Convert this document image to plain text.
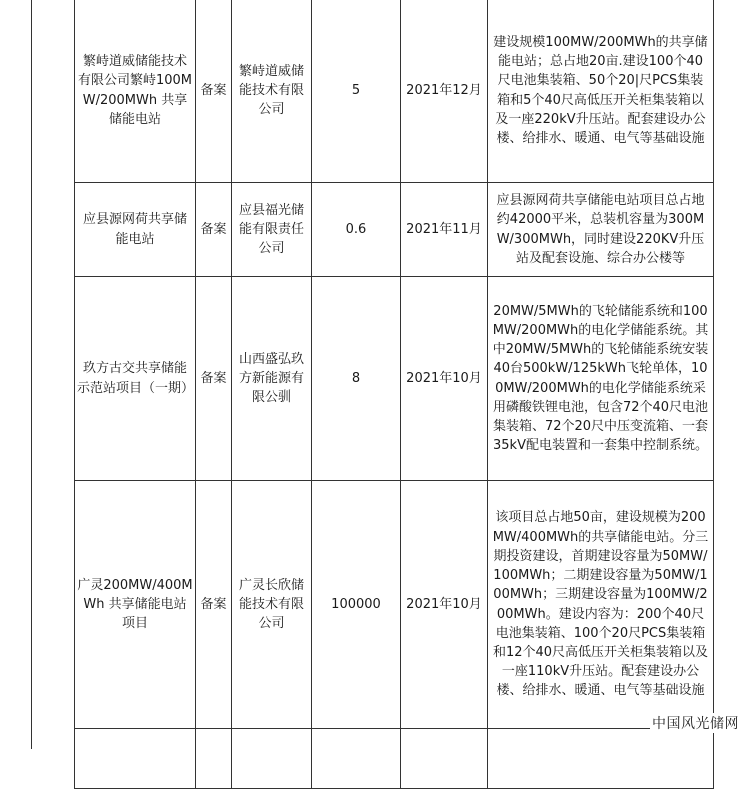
繁峙道威储能技术有限公司繁峙100MW/200MWh 共享储能电站	备案	繁峙道威储能技术有限公司	5	2021年12月	建设规模100MW/200MWh的共享储能电站；总占地20亩.建设100个40尺电池集装箱、50个20|尺PCS集装箱和5个40尺高低压开关柜集装箱以及一座220kV升压站。配套建设办公楼、给排水、暖通、电气等基础设施
应县源网荷共享储能电站	备案	应县福光储能有限责任公司	0.6	2021年11月	应县源网荷共享储能电站项目总占地约42000平米，总装机容量为300MW/300MWh，同时建设220KV升压站及配套设施、综合办公楼等
玖方古交共享储能示范站项目（一期）	备案	山西盛弘玖方新能源有限公驯	8	2021年10月	20MW/5MWh的飞轮储能系统和100MW/200MWh的电化学储能系统。其中20MW/5MWh的飞轮储能系统安装40台500kW/125kWh飞轮单体，100MW/200MWh的电化学储能系统采用磷酸铁锂电池，包含72个40尺电池集装箱、72个20尺中压变流箱、一套35kV配电装置和一套集中控制系统。
广灵200MW/400MWh 共享储能电站项目	备案	广灵长欣储能技术有限公司	100000	2021年10月	该项目总占地50亩，建设规模为200MW/400MWh的共享储能电站。分三期投资建设，首期建设容量为50MW/100MWh；二期建设容量为50MW/100MWh；三期建设容量为100MW/200MWh。建设内容为：200个40尺电池集装箱、100个20尺PCS集装箱和12个40尺高低压开关柜集装箱以及一座110kV升压站。配套建设办公楼、给排水、暖通、电气等基础设施

中国风光储网
